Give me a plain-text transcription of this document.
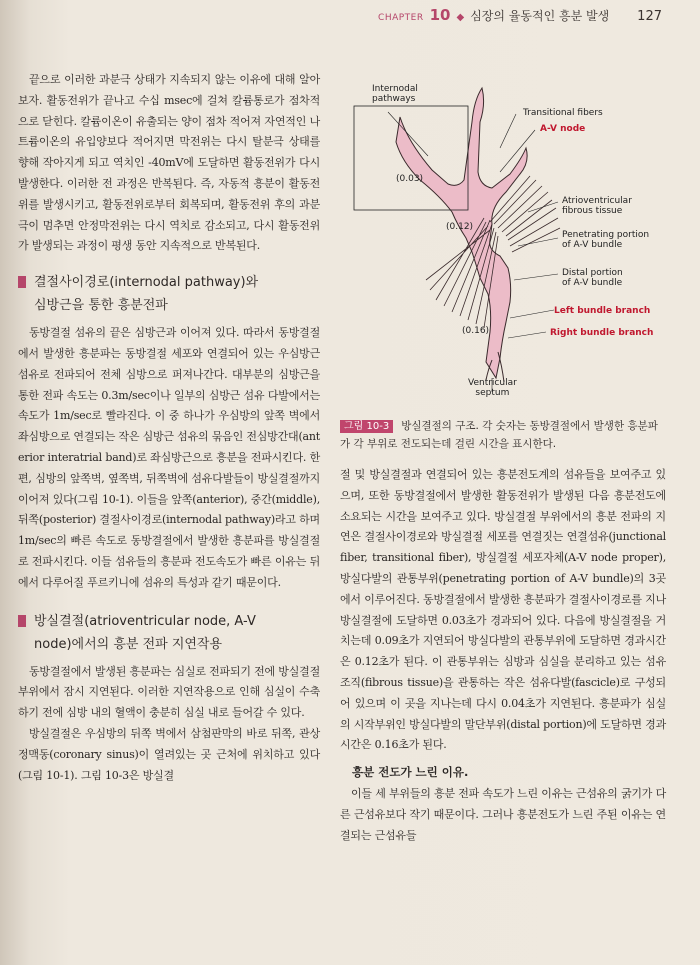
CHAPTER 10 ◆ 심장의 율동적인 흥분 발생 127

끝으로 이러한 과분극 상태가 지속되지 않는 이유에 대해 알아보자. 활동전위가 끝나고 수십 msec에 걸쳐 칼륨통로가 점차적으로 닫힌다. 칼륨이온이 유출되는 양이 점차 적어져 자연적인 나트륨이온의 유입양보다 적어지면 막전위는 다시 탈분극 상태를 향해 작아지게 되고 역치인 -40mV에 도달하면 활동전위가 다시 발생한다. 이러한 전 과정은 반복된다. 즉, 자동적 흥분이 활동전위를 발생시키고, 활동전위로부터 회복되며, 활동전위 후의 과분극이 멈추면 안정막전위는 다시 역치로 감소되고, 다시 활동전위가 발생되는 과정이 평생 동안 지속적으로 반복된다.

결절사이경로(internodal pathway)와
심방근을 통한 흥분전파

동방결절 섬유의 끝은 심방근과 이어져 있다. 따라서 동방결절에서 발생한 흥분파는 동방결절 세포와 연결되어 있는 우심방근 섬유로 전파되어 전체 심방으로 퍼져나간다. 대부분의 심방근을 통한 전파 속도는 0.3m/sec이나 일부의 심방근 섬유 다발에서는 속도가 1m/sec로 빨라진다. 이 중 하나가 우심방의 앞쪽 벽에서 좌심방으로 연결되는 작은 심방근 섬유의 묶음인 전심방간대(anterior interatrial band)로 좌심방근으로 흥분을 전파시킨다. 한편, 심방의 앞쪽벽, 옆쪽벽, 뒤쪽벽에 섬유다발들이 방실결절까지 이어져 있다(그림 10-1). 이들을 앞쪽(anterior), 중간(middle), 뒤쪽(posterior) 결절사이경로(internodal pathway)라고 하며 1m/sec의 빠른 속도로 동방결절에서 발생한 흥분파를 방실결절로 전파시킨다. 이들 섬유들의 흥분파 전도속도가 빠른 이유는 뒤에서 다루어질 푸르키니에 섬유의 특성과 같기 때문이다.

방실결절(atrioventricular node, A-V
node)에서의 흥분 전파 지연작용

동방결절에서 발생된 흥분파는 심실로 전파되기 전에 방실결절 부위에서 잠시 지연된다. 이러한 지연작용으로 인해 심실이 수축하기 전에 심방 내의 혈액이 충분히 심실 내로 들어갈 수 있다.

방실결절은 우심방의 뒤쪽 벽에서 삼첨판막의 바로 뒤쪽, 관상정맥동(coronary sinus)이 열려있는 곳 근처에 위치하고 있다(그림 10-1). 그림 10-3은 방실결

Internodal
pathways
Transitional fibers
A-V node
(0.03)
Atrioventricular
fibrous tissue
(0.12)
Penetrating portion
of A-V bundle
Distal portion
of A-V bundle
Left bundle branch
Right bundle branch
(0.16)
Ventricular
septum
그림 10-3 방실결절의 구조. 각 숫자는 동방결절에서 발생한 흥분파가 각 부위로 전도되는데 걸린 시간을 표시한다.

절 및 방실결절과 연결되어 있는 흥분전도계의 섬유들을 보여주고 있으며, 또한 동방결절에서 발생한 활동전위가 발생된 다음 흥분전도에 소요되는 시간을 보여주고 있다. 방실결절 부위에서의 흥분 전파의 지연은 결절사이경로와 방실결절 세포를 연결짓는 연결섬유(junctional fiber, transitional fiber), 방실결절 세포자체(A-V node proper), 방실다발의 관통부위(penetrating portion of A-V bundle)의 3곳에서 이루어진다. 동방결절에서 발생한 흥분파가 결절사이경로를 지나 방실결절에 도달하면 0.03초가 경과되어 있다. 다음에 방실결절을 거치는데 0.09초가 지연되어 방실다발의 관통부위에 도달하면 경과시간은 0.12초가 된다. 이 관통부위는 심방과 심실을 분리하고 있는 섬유조직(fibrous tissue)을 관통하는 작은 섬유다발(fascicle)로 구성되어 있으며 이 곳을 지나는데 다시 0.04초가 지연된다. 흥분파가 심실의 시작부위인 방실다발의 말단부위(distal portion)에 도달하면 경과시간은 0.16초가 된다.

흥분 전도가 느린 이유.

이들 세 부위들의 흥분 전파 속도가 느린 이유는 근섬유의 굵기가 다른 근섬유보다 작기 때문이다. 그러나 흥분전도가 느린 주된 이유는 연결되는 근섬유들
